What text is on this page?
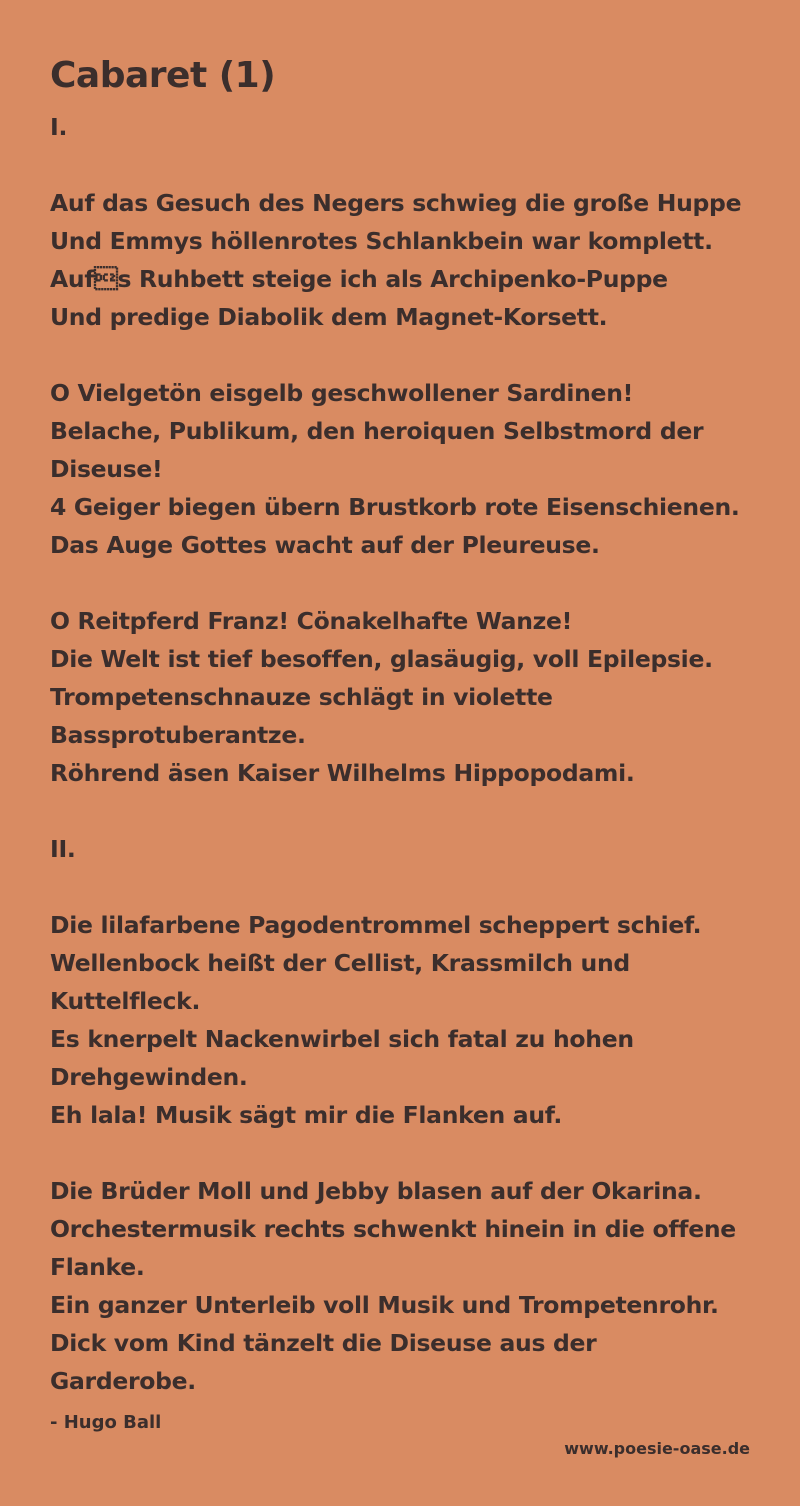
Cabaret (1)
I.
Auf das Gesuch des Negers schwieg die große Huppe
Und Emmys höllenrotes Schlankbein war komplett.
Aufs Ruhbett steige ich als Archipenko-Puppe
Und predige Diabolik dem Magnet-Korsett.
O Vielgetön eisgelb geschwollener Sardinen!
Belache, Publikum, den heroiquen Selbstmord der Diseuse!
4 Geiger biegen übern Brustkorb rote Eisenschienen.
Das Auge Gottes wacht auf der Pleureuse.
O Reitpferd Franz! Cönakelhafte Wanze!
Die Welt ist tief besoffen, glasäugig, voll Epilepsie.
Trompetenschnauze schlägt in violette Bassprotuberantze.
Röhrend äsen Kaiser Wilhelms Hippopodami.
II.
Die lilafarbene Pagodentrommel scheppert schief.
Wellenbock heißt der Cellist, Krassmilch und Kuttelfleck.
Es knerpelt Nackenwirbel sich fatal zu hohen Drehgewinden.
Eh lala! Musik sägt mir die Flanken auf.
Die Brüder Moll und Jebby blasen auf der Okarina.
Orchestermusik rechts schwenkt hinein in die offene Flanke.
Ein ganzer Unterleib voll Musik und Trompetenrohr.
Dick vom Kind tänzelt die Diseuse aus der Garderobe.
- Hugo Ball
www.poesie-oase.de
